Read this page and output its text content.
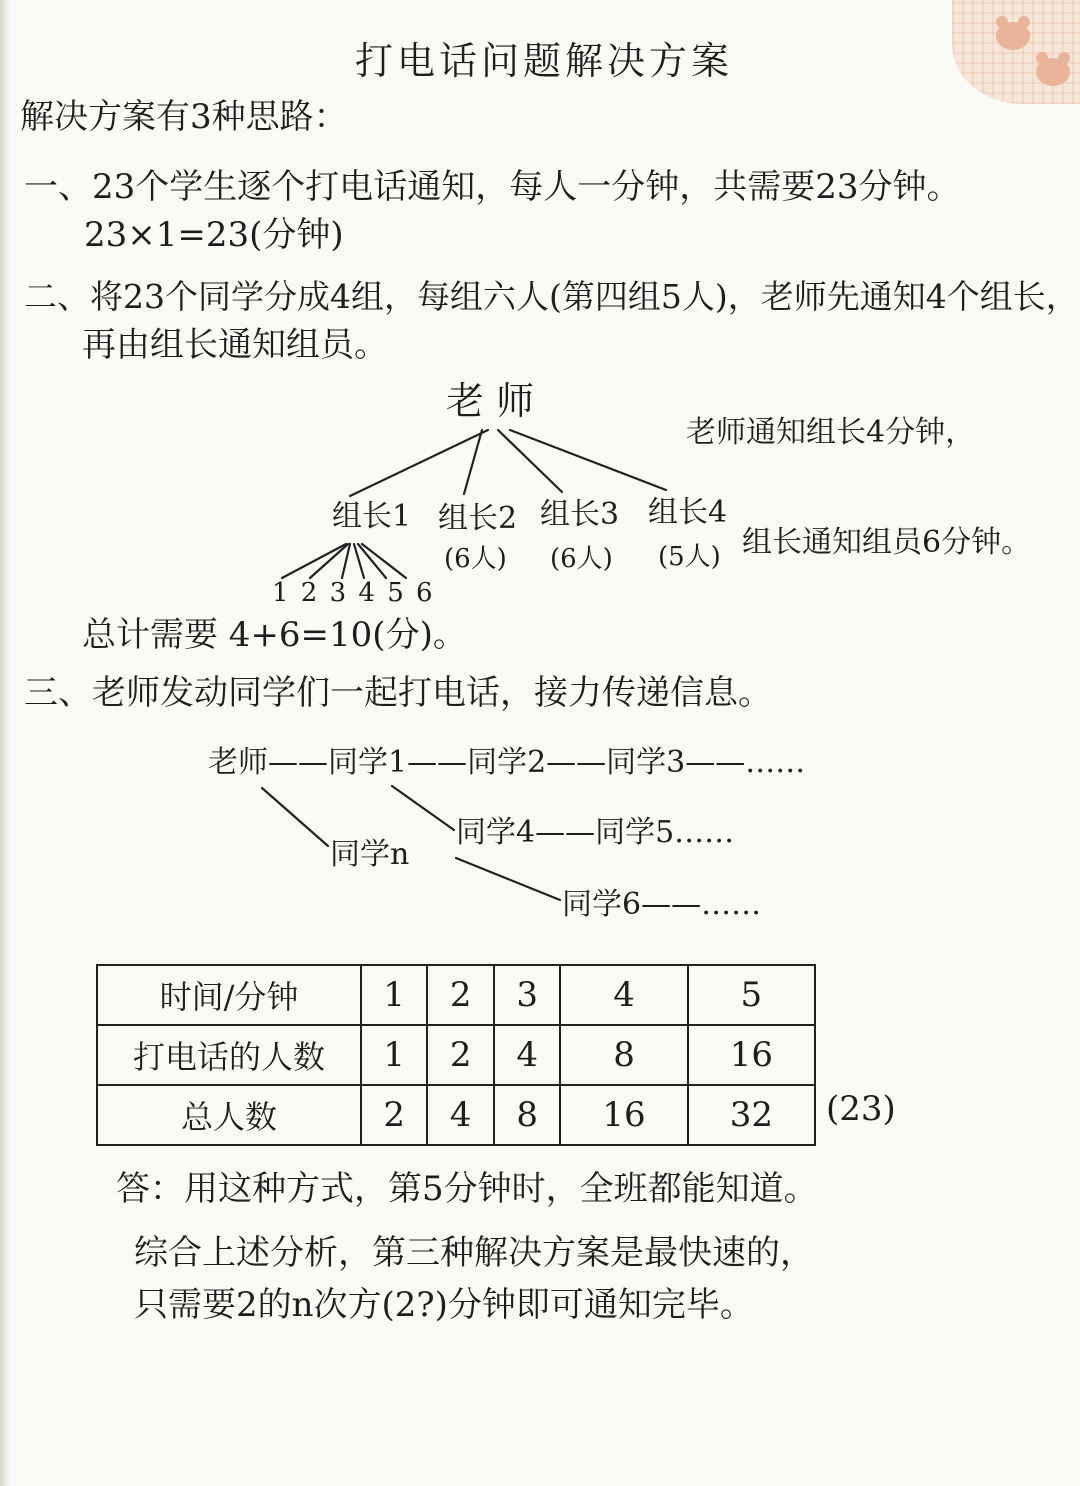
打电话问题解决方案
解决方案有3种思路：
一、23个学生逐个打电话通知，每人一分钟，共需要23分钟。
23×1=23(分钟)
二、将23个同学分成4组，每组六人(第四组5人)，老师先通知4个组长，
再由组长通知组员。
老 师
老师通知组长4分钟，
组长1 组长2 组长3 组长4
(6人) (6人) (5人) 组长通知组员6分钟。
1 2 3 4 5 6
总计需要 4+6=10(分)。
三、老师发动同学们一起打电话，接力传递信息。
老师——同学1——同学2——同学3——……
同学n
同学4——同学5……
同学6——……
时间/分钟	1	2	3	4	5
打电话的人数	1	2	4	8	16
总人数	2	4	8	16	32 (23)
答：用这种方式，第5分钟时，全班都能知道。
综合上述分析，第三种解决方案是最快速的，
只需要2的n次方(2?)分钟即可通知完毕。
